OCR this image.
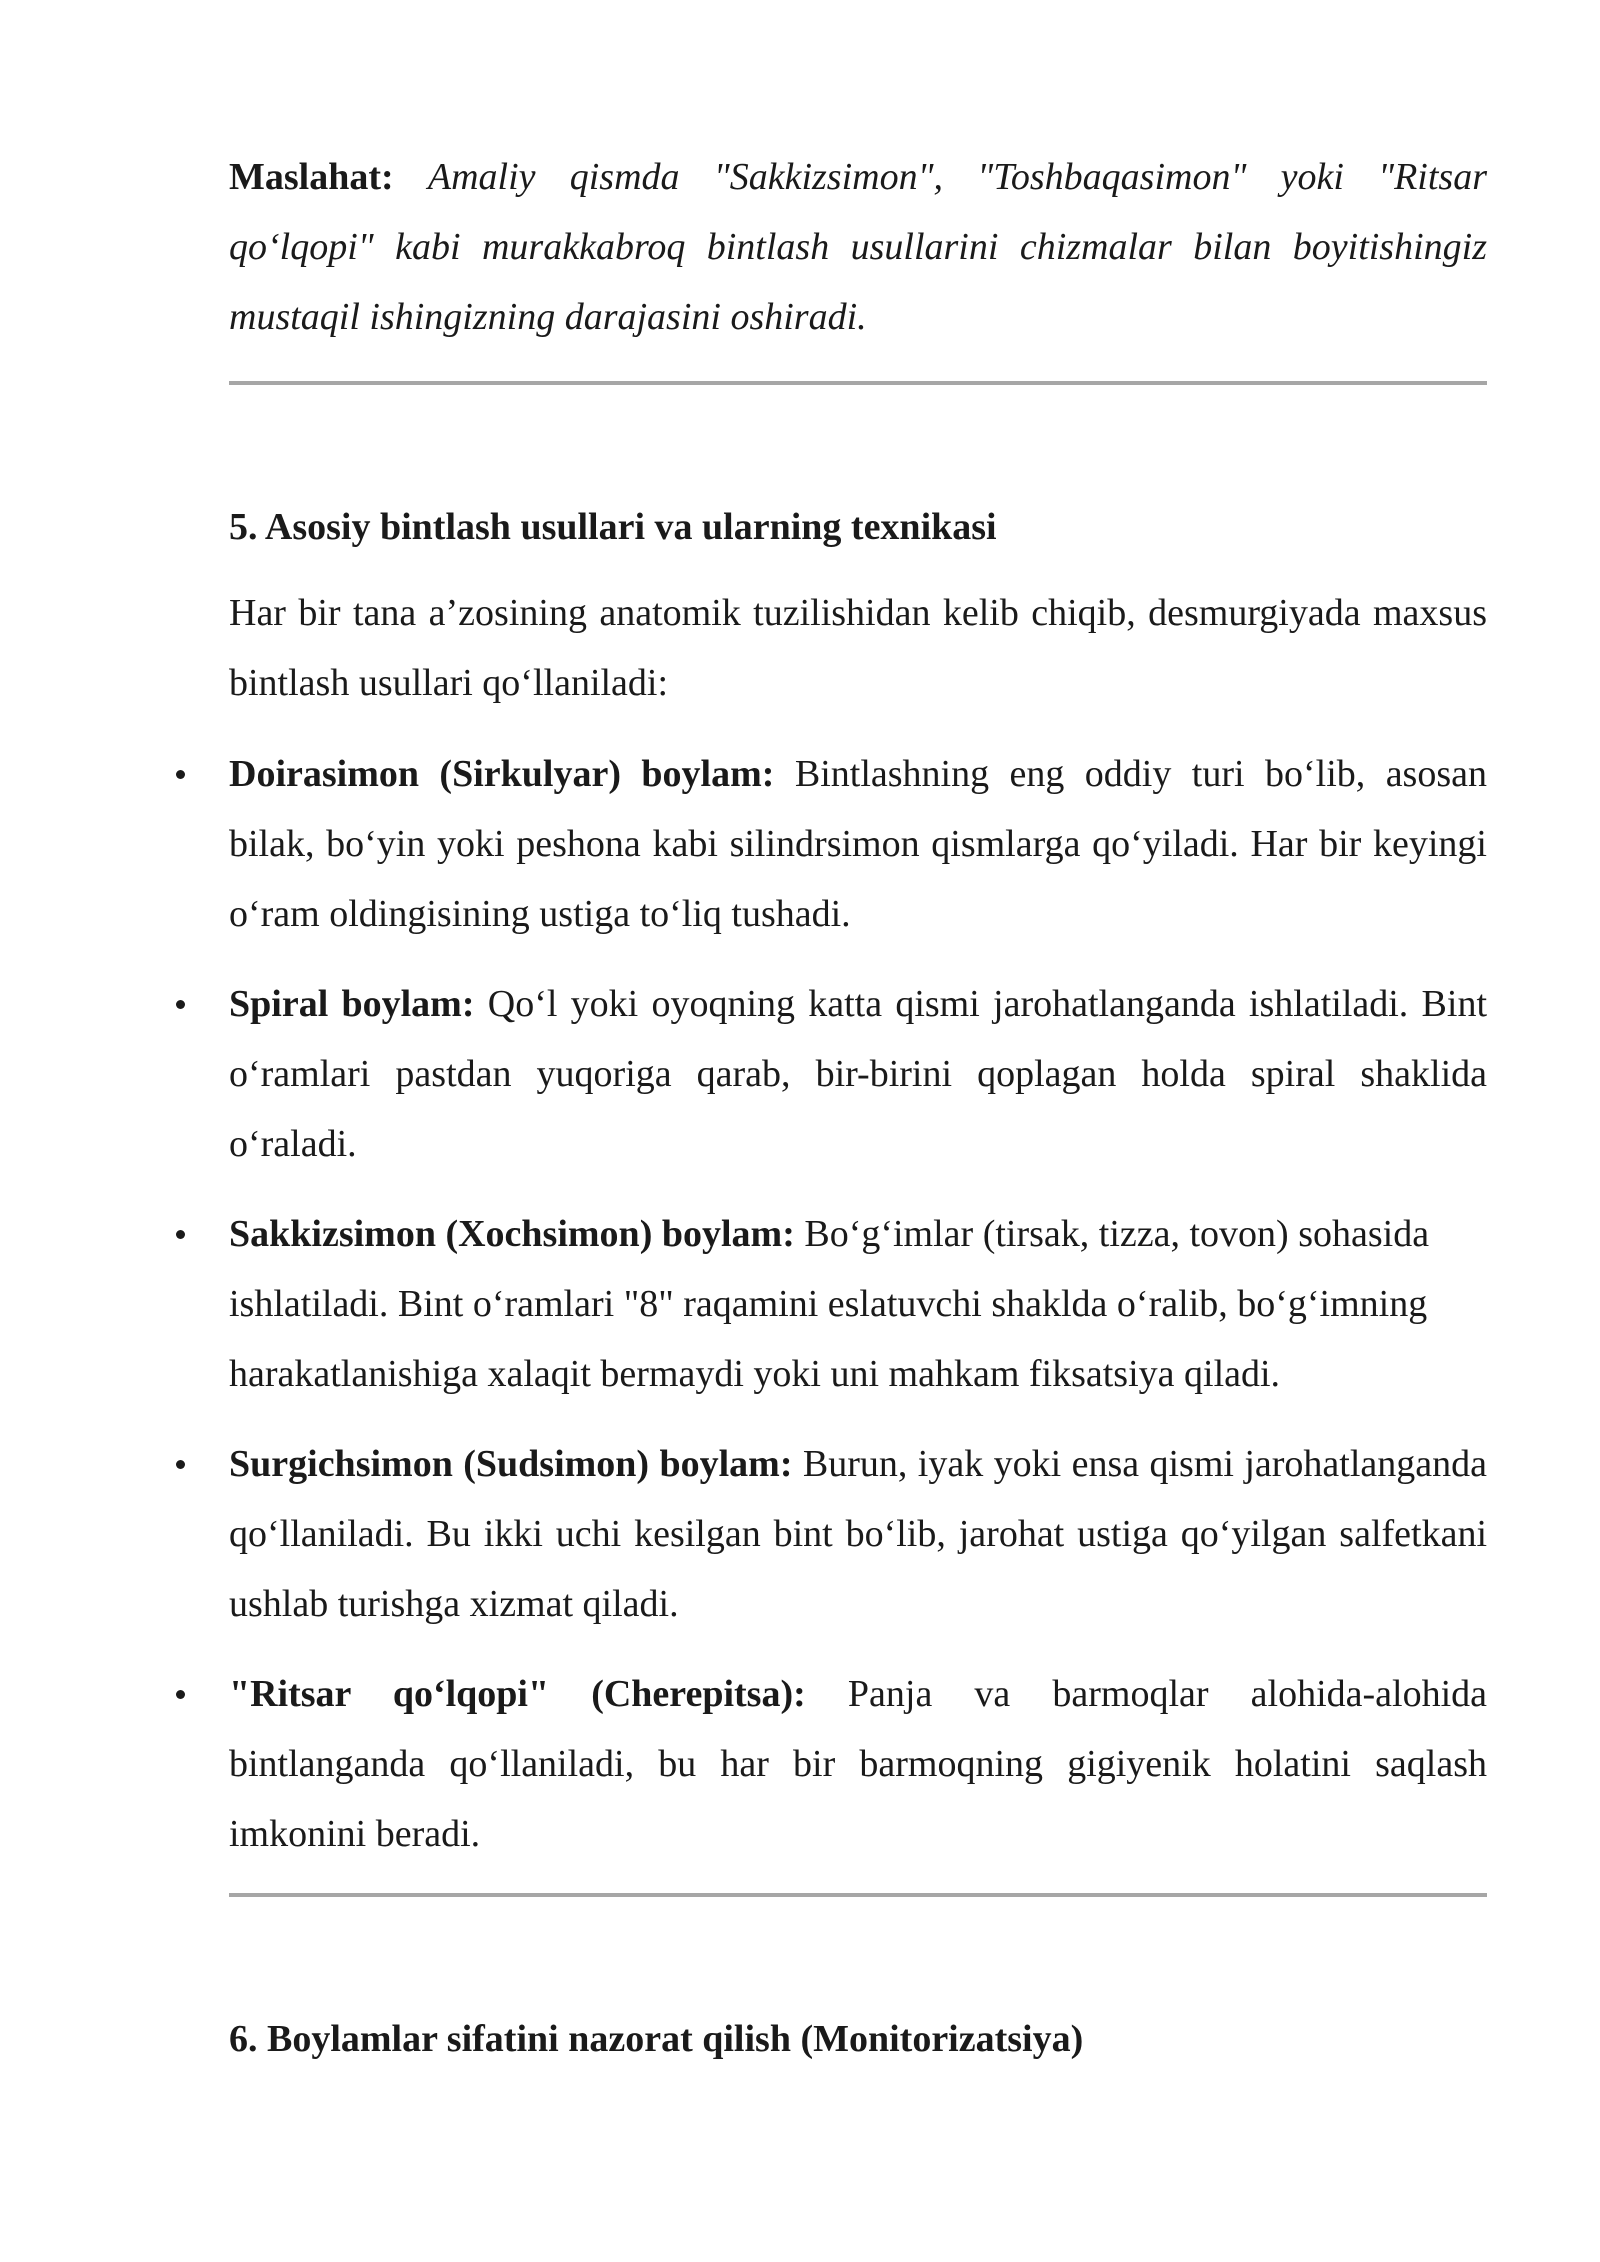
Maslahat: Amaliy qismda "Sakkizsimon", "Toshbaqasimon" yoki "Ritsar qo‘lqopi" kabi murakkabroq bintlash usullarini chizmalar bilan boyitishingiz mustaqil ishingizning darajasini oshiradi.

5. Asosiy bintlash usullari va ularning texnikasi

Har bir tana a’zosining anatomik tuzilishidan kelib chiqib, desmurgiyada maxsus bintlash usullari qo‘llaniladi:

Doirasimon (Sirkulyar) boylam: Bintlashning eng oddiy turi bo‘lib, asosan bilak, bo‘yin yoki peshona kabi silindrsimon qismlarga qo‘yiladi. Har bir keyingi o‘ram oldingisining ustiga to‘liq tushadi.
Spiral boylam: Qo‘l yoki oyoqning katta qismi jarohatlanganda ishlatiladi. Bint o‘ramlari pastdan yuqoriga qarab, bir-birini qoplagan holda spiral shaklida o‘raladi.
Sakkizsimon (Xochsimon) boylam: Bo‘g‘imlar (tirsak, tizza, tovon) sohasida ishlatiladi. Bint o‘ramlari "8" raqamini eslatuvchi shakldа o‘ralib, bo‘g‘imning harakatlanishiga xalaqit bermaydi yoki uni mahkam fiksatsiya qiladi.
Surgichsimon (Sudsimon) boylam: Burun, iyak yoki ensa qismi jarohatlanganda qo‘llaniladi. Bu ikki uchi kesilgan bint bo‘lib, jarohat ustiga qo‘yilgan salfetkani ushlab turishga xizmat qiladi.
"Ritsar qo‘lqopi" (Cherepitsa): Panja va barmoqlar alohida-alohida bintlanganda qo‘llaniladi, bu har bir barmoqning gigiyenik holatini saqlash imkonini beradi.
6. Boylamlar sifatini nazorat qilish (Monitorizatsiya)
